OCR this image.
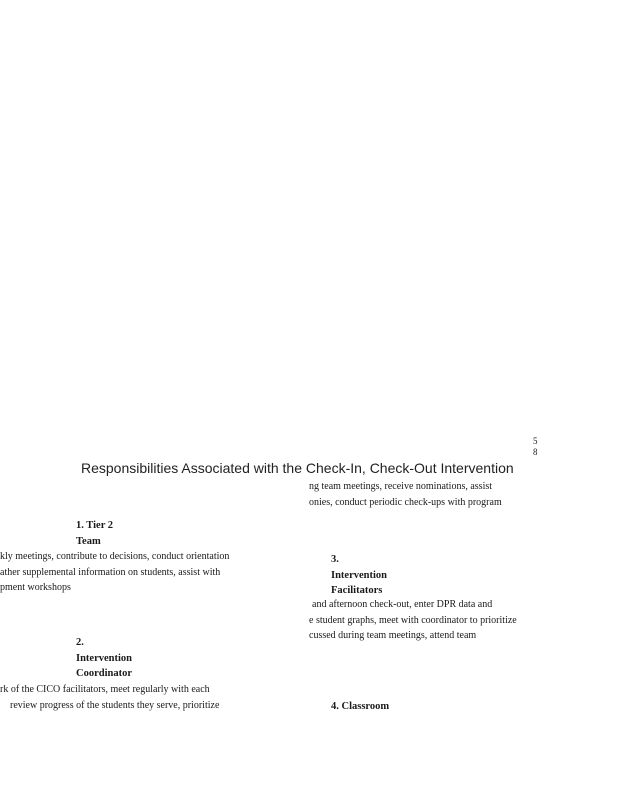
5
8
Responsibilities Associated with the Check-In, Check-Out Intervention
ng team meetings, receive nominations, assist
onies, conduct periodic check-ups with program
1. Tier 2
Team
kly meetings, contribute to decisions, conduct orientation
ather supplemental information on students, assist with
pment workshops
2.
Intervention
Coordinator
rk of the CICO facilitators, meet regularly with each
review progress of the students they serve, prioritize
3.
Intervention
Facilitators
and afternoon check-out, enter DPR data and
e student graphs, meet with coordinator to prioritize
cussed during team meetings, attend team
4. Classroom
